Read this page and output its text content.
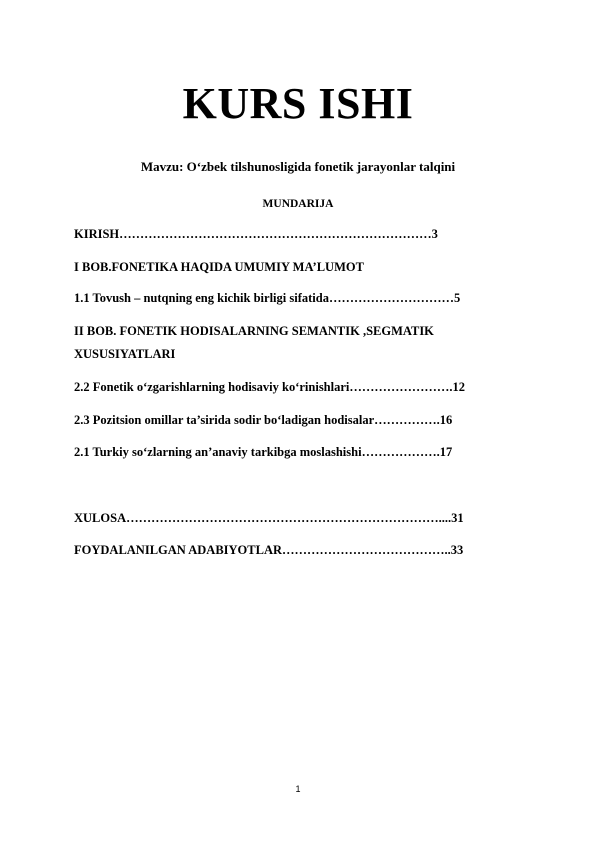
KURS ISHI
Mavzu: O‘zbek tilshunosligida fonetik jarayonlar talqini
MUNDARIJA
KIRISH…………………………………………………………………3
I BOB.FONETIKA HAQIDA UMUMIY MA’LUMOT
1.1 Tovush – nutqning eng kichik birligi sifatida…………………………5
II BOB. FONETIK HODISALARNING SEMANTIK ,SEGMATIK
XUSUSIYATLARI
2.2 Fonetik o‘zgarishlarning hodisaviy ko‘rinishlari…………………….12
2.3 Pozitsion omillar ta’sirida sodir bo‘ladigan hodisalar…………….16
2.1 Turkiy so‘zlarning an’anaviy tarkibga moslashishi……………….17
XULOSA…………………………………………………………………....31
FOYDALANILGAN ADABIYOTLAR…………………………………..33
1
